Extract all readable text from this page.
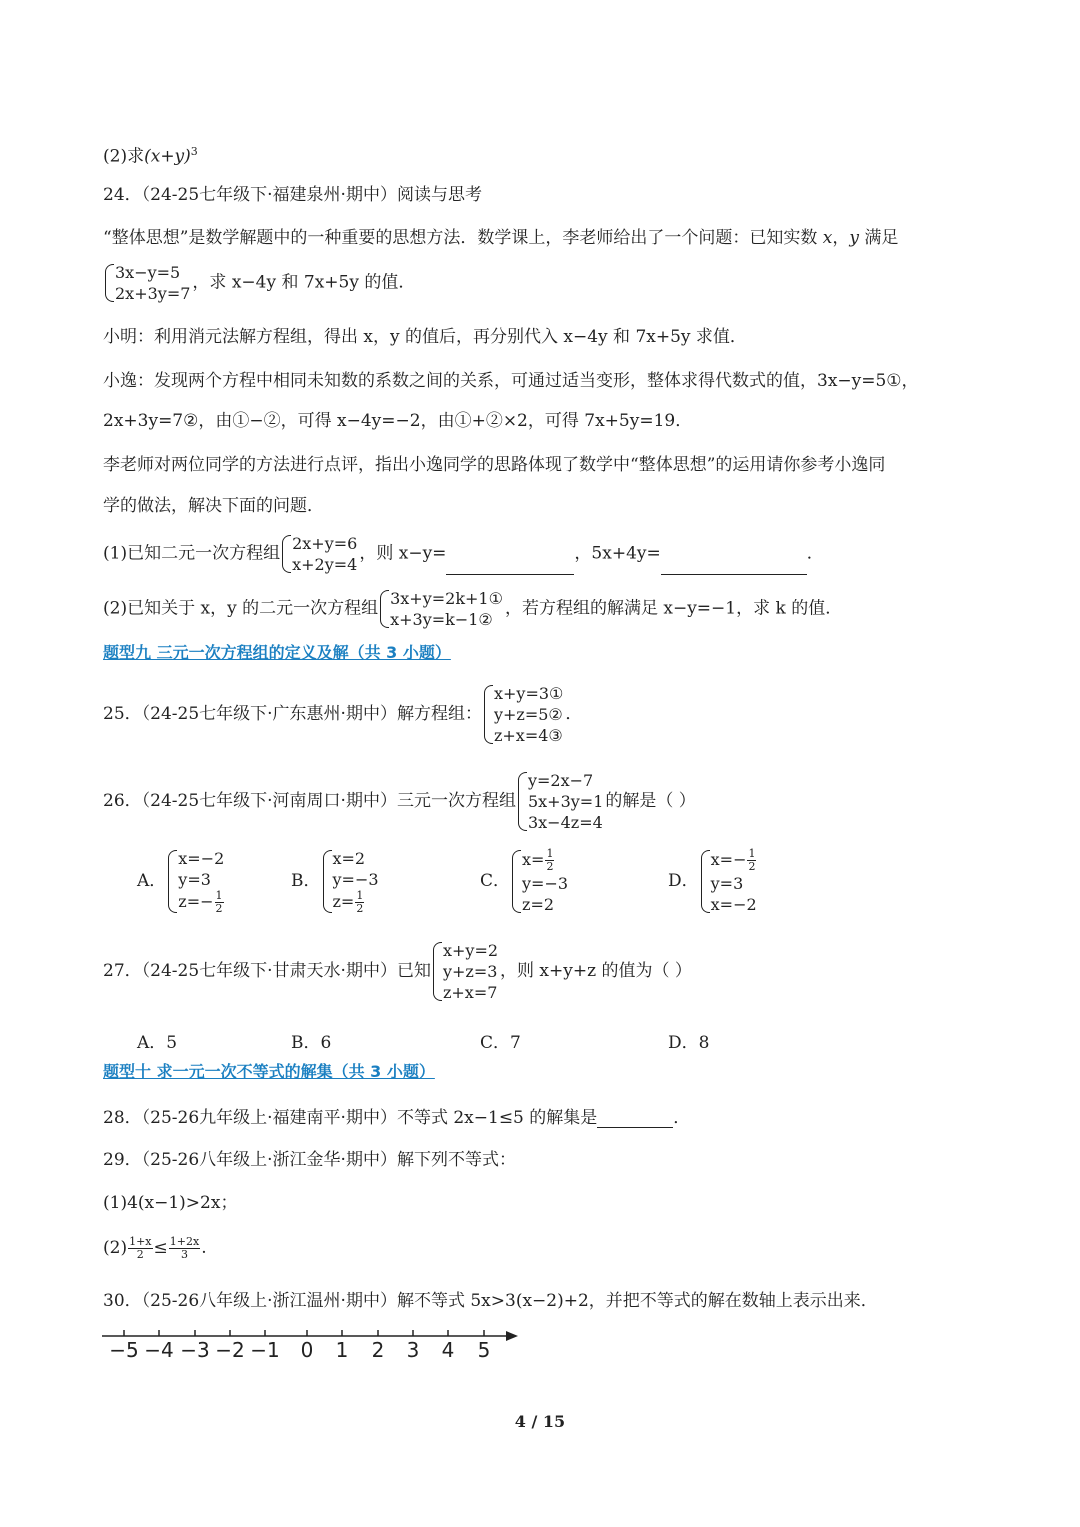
(2)求$(x+y)^3$
24．（24-25七年级下·福建泉州·期中）阅读与思考
“整体思想”是数学解题中的一种重要的思想方法．数学课上，李老师给出了一个问题：已知实数 x，y 满足
3x−y=5
2x+3y=7
，求 x−4y 和 7x+5y 的值．
小明：利用消元法解方程组，得出 x，y 的值后，再分别代入 x−4y 和 7x+5y 求值．
小逸：发现两个方程中相同未知数的系数之间的关系，可通过适当变形，整体求得代数式的值，3x−y=5①，
2x+3y=7②，由①−②，可得 x−4y=−2，由①+②×2，可得 7x+5y=19．
李老师对两位同学的方法进行点评，指出小逸同学的思路体现了数学中“整体思想”的运用请你参考小逸同
学的做法，解决下面的问题．
(1)已知二元一次方程组 2x+y=6
x+2y=4
，则 x−y=	，5x+4y=	．
(2)已知关于 x，y 的二元一次方程组 3x+y=2k+1①
x+3y=k−1②
，若方程组的解满足 x−y=−1，求 k 的值．
题型九 三元一次方程组的定义及解（共 3 小题）
25．（24-25七年级下·广东惠州·期中）解方程组：
x+y=3①
y+z=5②
z+x=4③
．
26．（24-25七年级下·河南周口·期中）三元一次方程组
y=2x−7
5x+3y=1
3x−4z=4
的解是（ ）
A．
x=−2
y=3
$z=- \frac{1}{2}$
B．
x=2
y=−3
$z= \frac{1}{2}$
C．
$x= \frac{1}{2}$
y=−3
z=2
D．
$x=- \frac{1}{2}$
y=3
x=−2
27．（24-25七年级下·甘肃天水·期中）已知
x+y=2
y+z=3
z+x=7
，则 x+y+z 的值为（ ）
A．5	B．6	C．7	D．8
题型十 求一元一次不等式的解集（共 3 小题）
28．（25-26九年级上·福建南平·期中）不等式 2x−1≤5 的解集是	．
29．（25-26八年级上·浙江金华·期中）解下列不等式：
(1)4(x−1)>2x；
$(2) \frac{1+x}{2} \le \frac{1+2x}{3}$ .
30．（25-26八年级上·浙江温州·期中）解不等式 5x>3(x−2)+2，并把不等式的解在数轴上表示出来．
−5 −4 −3 −2 −1 0 1 2 3 4 5
4 / 15
